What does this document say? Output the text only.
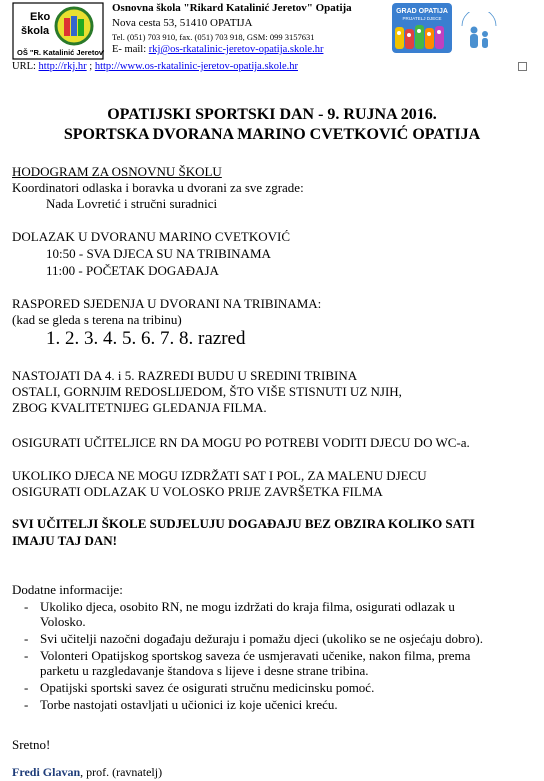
Eko
škola
OŠ "R. Katalinić Jeretov"
Osnovna škola "Rikard Katalinić Jeretov" Opatija
Nova cesta 53, 51410 OPATIJA
Tel. (051) 703 910, fax. (051) 703 918, GSM: 099 3157631
E- mail: rkj@os-rkatalinic-jeretov-opatija.skole.hr
GRAD OPATIJA
PRIJATELJ DJECE
URL: http://rkj.hr ; http://www.os-rkatalinic-jeretov-opatija.skole.hr
OPATIJSKI SPORTSKI DAN - 9. RUJNA 2016.
SPORTSKA DVORANA MARINO CVETKOVIĆ OPATIJA
HODOGRAM ZA OSNOVNU ŠKOLU
Koordinatori odlaska i boravka u dvorani za sve zgrade:
Nada Lovretić i stručni suradnici
DOLAZAK U DVORANU MARINO CVETKOVIĆ
10:50 - SVA DJECA SU NA TRIBINAMA
11:00 - POČETAK DOGAĐAJA
RASPORED SJEDENJA U DVORANI NA TRIBINAMA:
(kad se gleda s terena na tribinu)
1. 2. 3. 4. 5. 6. 7. 8. razred
NASTOJATI DA 4. i 5. RAZREDI BUDU U SREDINI TRIBINA
OSTALI, GORNJIM REDOSLIJEDOM, ŠTO VIŠE STISNUTI UZ NJIH,
ZBOG KVALITETNIJEG GLEDANJA FILMA.
OSIGURATI UČITELJICE RN DA MOGU PO POTREBI VODITI DJECU DO WC-a.
UKOLIKO DJECA NE MOGU IZDRŽATI SAT I POL, ZA MALENU DJECU
OSIGURATI ODLAZAK U VOLOSKO PRIJE ZAVRŠETKA FILMA
SVI UČITELJI ŠKOLE SUDJELUJU DOGAĐAJU BEZ OBZIRA KOLIKO SATI
IMAJU TAJ DAN!
Dodatne informacije:
- Ukoliko djeca, osobito RN, ne mogu izdržati do kraja filma, osigurati odlazak u
Volosko.
- Svi učitelji nazočni događaju dežuraju i pomažu djeci (ukoliko se ne osjećaju dobro).
- Volonteri Opatijskog sportskog saveza će usmjeravati učenike, nakon filma, prema
parketu u razgledavanje štandova s lijeve i desne strane tribina.
- Opatijski sportski savez će osigurati stručnu medicinsku pomoć.
- Torbe nastojati ostavljati u učionici iz koje učenici kreću.
Sretno!
Fredi Glavan, prof. (ravnatelj)
